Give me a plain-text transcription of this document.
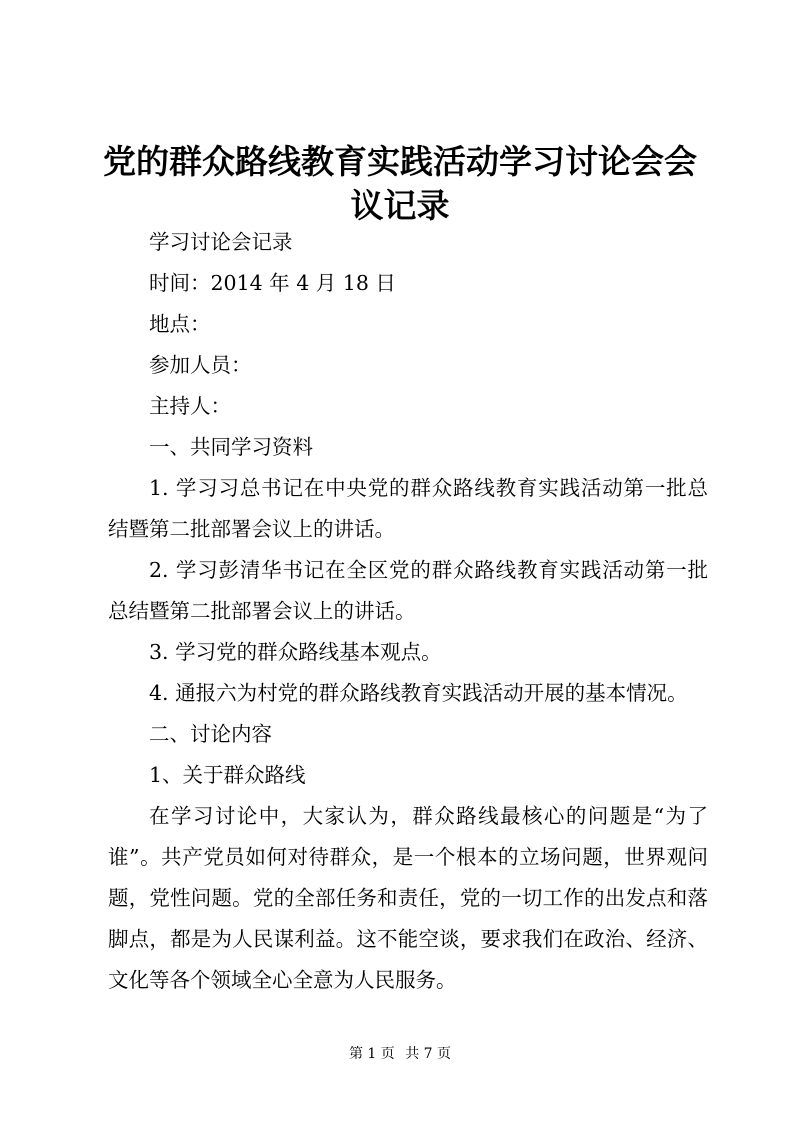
党的群众路线教育实践活动学习讨论会会议记录

学习讨论会记录

时间：2014 年 4 月 18 日

地点：

参加人员：

主持人：

一、共同学习资料

1. 学习习总书记在中央党的群众路线教育实践活动第一批总结暨第二批部署会议上的讲话。

2. 学习彭清华书记在全区党的群众路线教育实践活动第一批总结暨第二批部署会议上的讲话。

3. 学习党的群众路线基本观点。

4. 通报六为村党的群众路线教育实践活动开展的基本情况。

二、讨论内容

1、关于群众路线

在学习讨论中，大家认为，群众路线最核心的问题是“为了谁”。共产党员如何对待群众，是一个根本的立场问题，世界观问题，党性问题。党的全部任务和责任，党的一切工作的出发点和落脚点，都是为人民谋利益。这不能空谈，要求我们在政治、经济、文化等各个领域全心全意为人民服务。

第 1 页 共 7 页
